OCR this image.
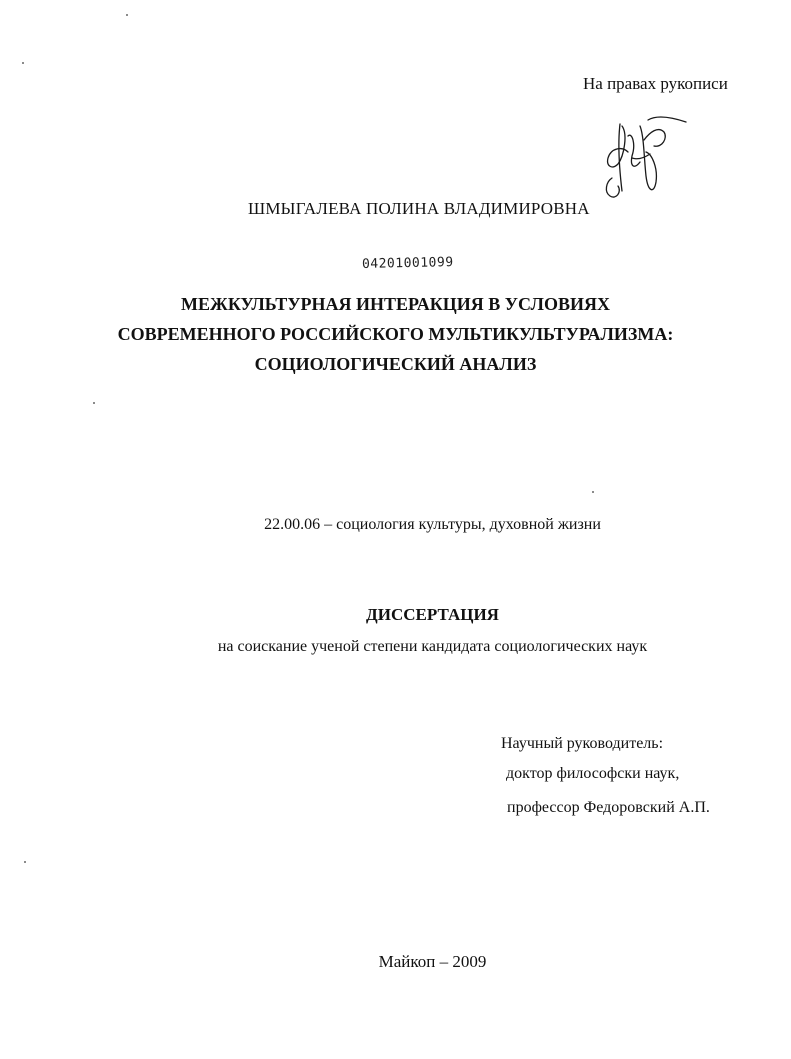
На правах рукописи
ШМЫГАЛЕВА ПОЛИНА ВЛАДИМИРОВНА
04201001099
МЕЖКУЛЬТУРНАЯ ИНТЕРАКЦИЯ В УСЛОВИЯХ
СОВРЕМЕННОГО РОССИЙСКОГО МУЛЬТИКУЛЬТУРАЛИЗМА:
СОЦИОЛОГИЧЕСКИЙ АНАЛИЗ
22.00.06 – социология культуры, духовной жизни
ДИССЕРТАЦИЯ
на соискание ученой степени кандидата социологических наук
Научный руководитель:
доктор философски наук,
профессор Федоровский А.П.
Майкоп – 2009
